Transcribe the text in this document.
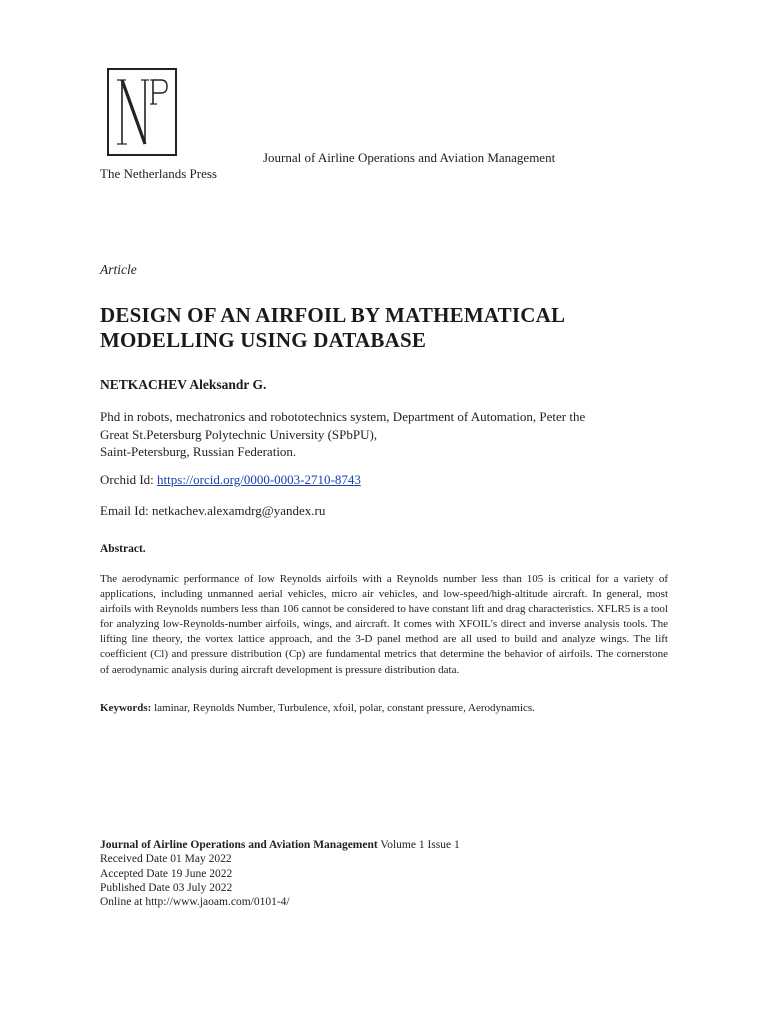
Journal of Airline Operations and Aviation Management
The Netherlands Press
Article
DESIGN OF AN AIRFOIL BY MATHEMATICAL MODELLING USING DATABASE
NETKACHEV Aleksandr G.
Phd in robots, mechatronics and robototechnics system, Department of Automation, Peter the
Great St.Petersburg Polytechnic University (SPbPU),
Saint-Petersburg, Russian Federation.
Orchid Id: https://orcid.org/0000-0003-2710-8743
Email Id: netkachev.alexamdrg@yandex.ru
Abstract.

The aerodynamic performance of low Reynolds airfoils with a Reynolds number less than 105 is critical for a variety of applications, including unmanned aerial vehicles, micro air vehicles, and low-speed/high-altitude aircraft. In general, most airfoils with Reynolds numbers less than 106 cannot be considered to have constant lift and drag characteristics. XFLR5 is a tool for analyzing low-Reynolds-number airfoils, wings, and aircraft. It comes with XFOIL's direct and inverse analysis tools. The lifting line theory, the vortex lattice approach, and the 3-D panel method are all used to build and analyze wings. The lift coefficient (Cl) and pressure distribution (Cp) are fundamental metrics that determine the behavior of airfoils. The cornerstone of aerodynamic analysis during aircraft development is pressure distribution data.

Keywords: laminar, Reynolds Number, Turbulence, xfoil, polar, constant pressure, Aerodynamics.

Journal of Airline Operations and Aviation Management Volume 1 Issue 1
Received Date 01 May 2022
Accepted Date 19 June 2022
Published Date 03 July 2022
Online at http://www.jaoam.com/0101-4/
